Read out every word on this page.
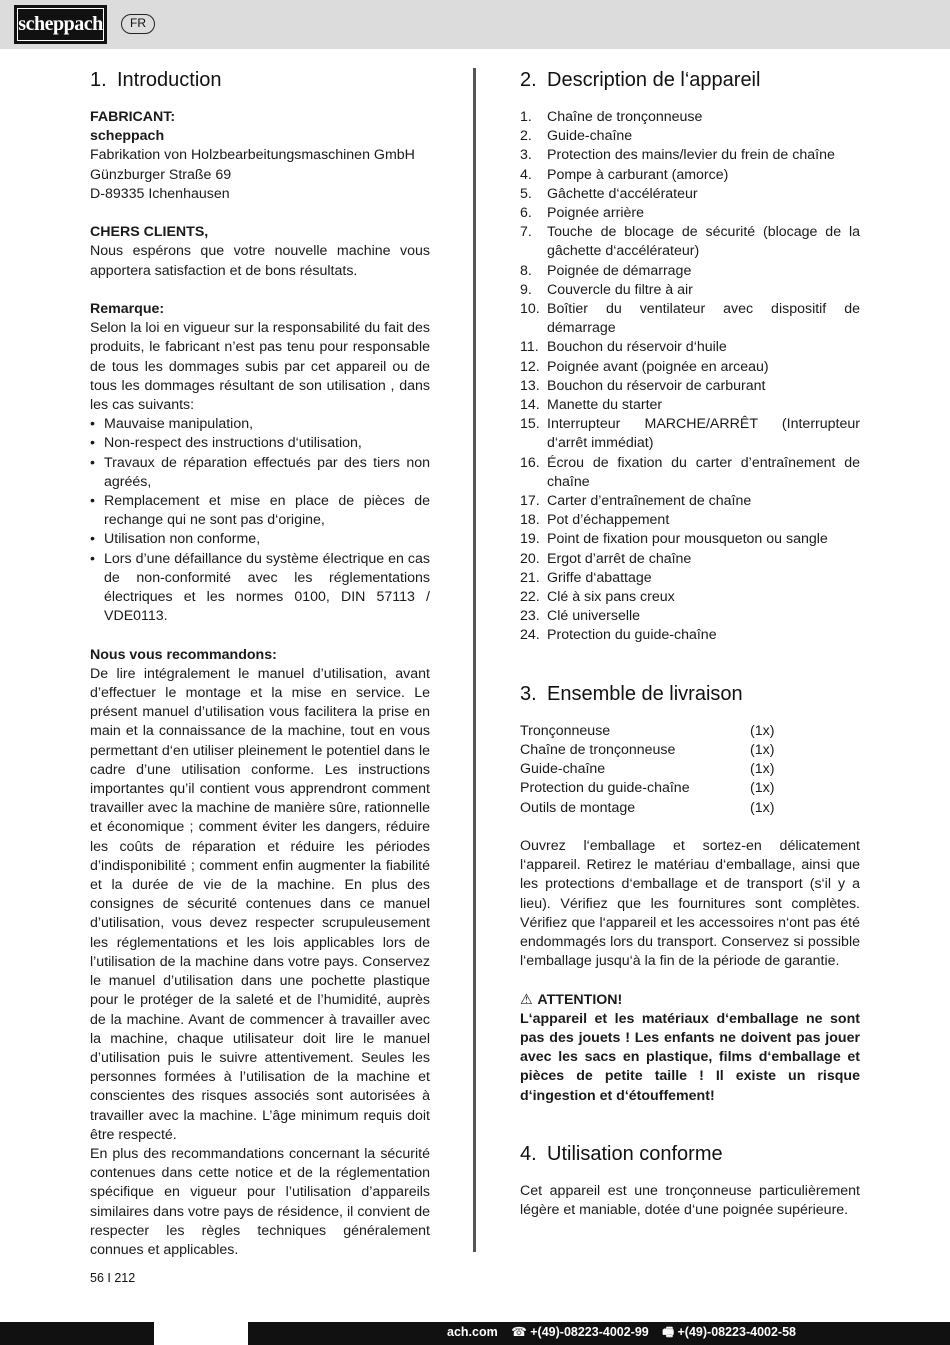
scheppach	FR
1. Introduction

FABRICANT:

scheppach

Fabrikation von Holzbearbeitungsmaschinen GmbH

Günzburger Straße 69

D-89335 Ichenhausen

CHERS CLIENTS,

Nous espérons que votre nouvelle machine vous apportera satisfaction et de bons résultats.

Remarque:

Selon la loi en vigueur sur la responsabilité du fait des produits, le fabricant n’est pas tenu pour responsable de tous les dommages subis par cet appareil ou de tous les dommages résultant de son utilisation , dans les cas suivants:

• Mauvaise manipulation,
• Non-respect des instructions d‘utilisation,
• Travaux de réparation effectués par des tiers non agréés,
• Remplacement et mise en place de pièces de rechange qui ne sont pas d‘origine,
• Utilisation non conforme,
• Lors d’une défaillance du système électrique en cas de non-conformité avec les réglementations électriques et les normes 0100, DIN 57113 / VDE0113.

Nous vous recommandons:

De lire intégralement le manuel d’utilisation, avant d’effectuer le montage et la mise en service. Le présent manuel d’utilisation vous facilitera la prise en main et la connaissance de la machine, tout en vous permettant d‘en utiliser pleinement le potentiel dans le cadre d’une utilisation conforme. Les instructions importantes qu’il contient vous apprendront comment travailler avec la machine de manière sûre, rationnelle et économique ; comment éviter les dangers, réduire les coûts de réparation et réduire les périodes d’indisponibilité ; comment enfin augmenter la fiabilité et la durée de vie de la machine. En plus des consignes de sécurité contenues dans ce manuel d’utilisation, vous devez respecter scrupuleusement les réglementations et les lois applicables lors de l’utilisation de la machine dans votre pays. Conservez le manuel d’utilisation dans une pochette plastique pour le protéger de la saleté et de l’humidité, auprès de la machine. Avant de commencer à travailler avec la machine, chaque utilisateur doit lire le manuel d’utilisation puis le suivre attentivement. Seules les personnes formées à l’utilisation de la machine et conscientes des risques associés sont autorisées à travailler avec la machine. L’âge minimum requis doit être respecté.

En plus des recommandations concernant la sécurité contenues dans cette notice et de la réglementation spécifique en vigueur pour l’utilisation d’appareils similaires dans votre pays de résidence, il convient de respecter les règles techniques généralement connues et applicables.

2. Description de l‘appareil
1. Chaîne de tronçonneuse
2. Guide-chaîne
3. Protection des mains/levier du frein de chaîne
4. Pompe à carburant (amorce)
5. Gâchette d‘accélérateur
6. Poignée arrière
7. Touche de blocage de sécurité (blocage de la gâchette d‘accélérateur)
8. Poignée de démarrage
9. Couvercle du filtre à air
10. Boîtier du ventilateur avec dispositif de démarrage
11. Bouchon du réservoir d‘huile
12. Poignée avant (poignée en arceau)
13. Bouchon du réservoir de carburant
14. Manette du starter
15. Interrupteur MARCHE/ARRÊT (Interrupteur d‘arrêt immédiat)
16. Écrou de fixation du carter d’entraînement de chaîne
17. Carter d’entraînement de chaîne
18. Pot d’échappement
19. Point de fixation pour mousqueton ou sangle
20. Ergot d’arrêt de chaîne
21. Griffe d‘abattage
22. Clé à six pans creux
23. Clé universelle
24. Protection du guide-chaîne
3. Ensemble de livraison
Tronçonneuse	(1x)
Chaîne de tronçonneuse	(1x)
Guide-chaîne	(1x)
Protection du guide-chaîne	(1x)
Outils de montage	(1x)

Ouvrez l‘emballage et sortez-en délicatement l‘appareil. Retirez le matériau d‘emballage, ainsi que les protections d‘emballage et de transport (s‘il y a lieu). Vérifiez que les fournitures sont complètes. Vérifiez que l‘appareil et les accessoires n‘ont pas été endommagés lors du transport. Conservez si possible l‘emballage jusqu‘à la fin de la période de garantie.

⚠ ATTENTION!

L‘appareil et les matériaux d‘emballage ne sont pas des jouets ! Les enfants ne doivent pas jouer avec les sacs en plastique, films d‘emballage et pièces de petite taille ! Il existe un risque d‘ingestion et d‘étouffement!

4. Utilisation conforme

Cet appareil est une tronçonneuse particulièrement légère et maniable, dotée d‘une poignée supérieure.

56 I 212
ach.com ☎ +(49)-08223-4002-99 🖷 +(49)-08223-4002-58
